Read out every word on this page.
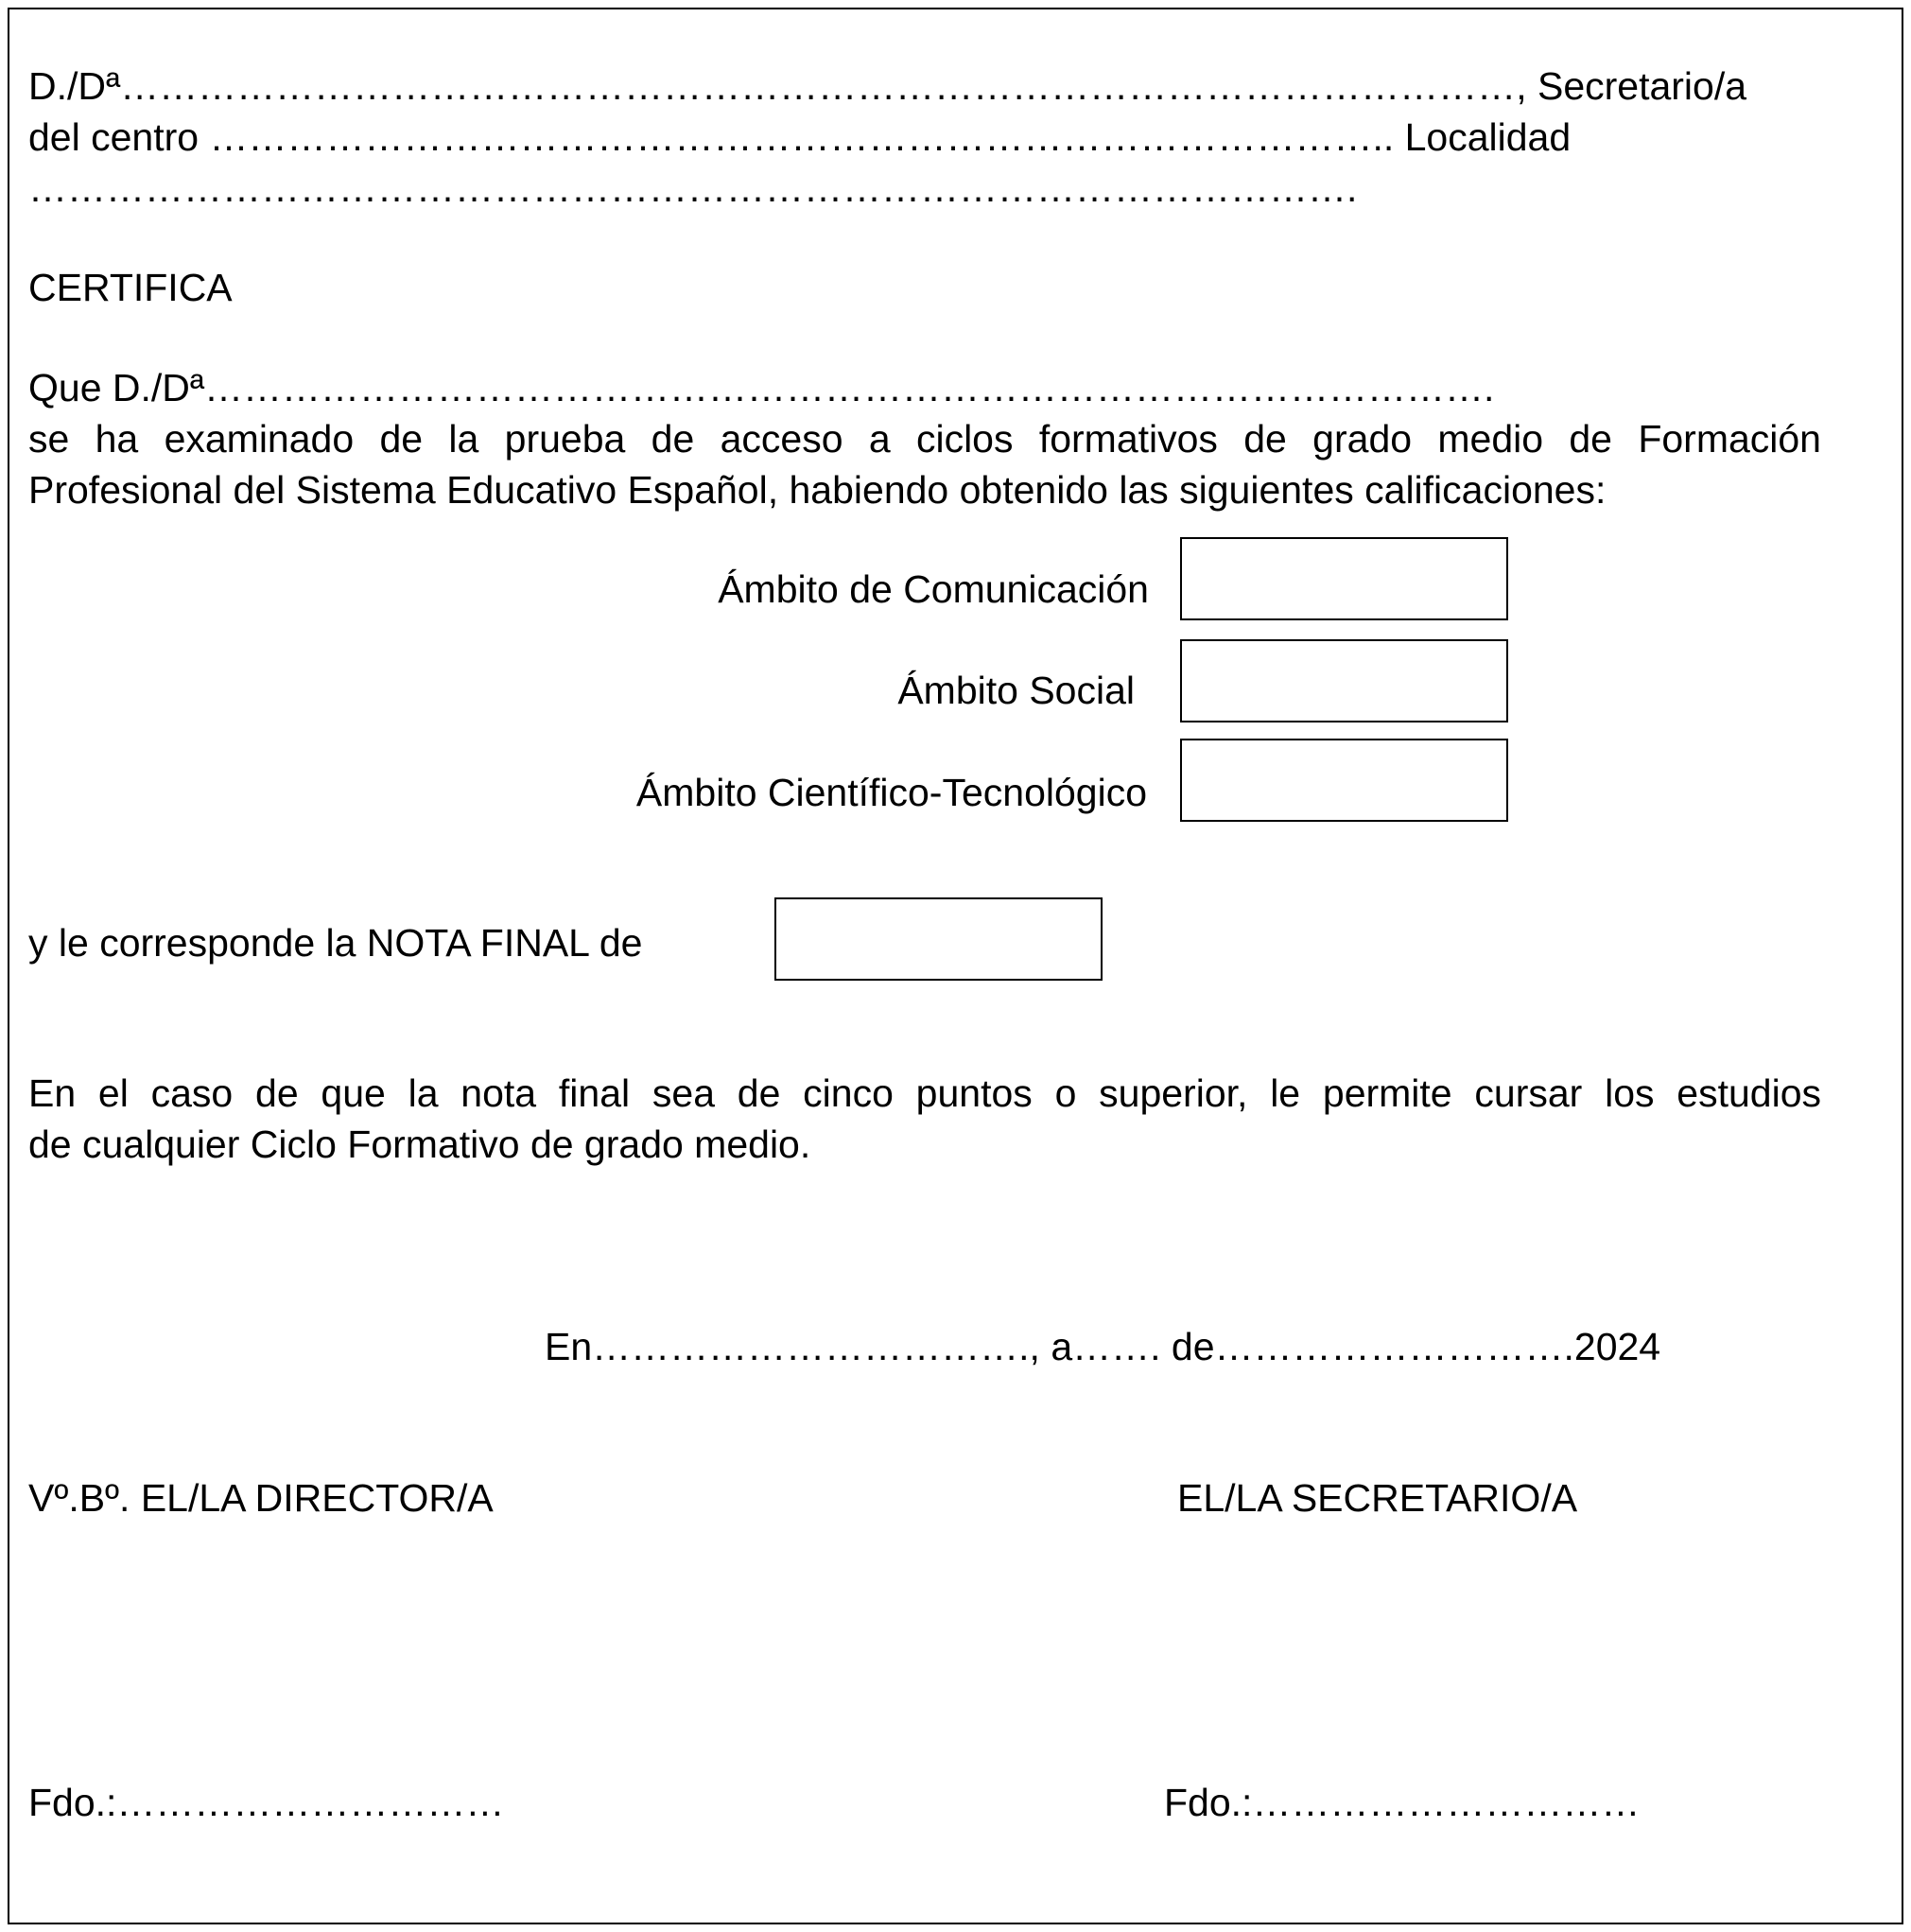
D./Dª………………………………………………………………………………………………, Secretario/a
del centro ……………………………………………………………………………….. Localidad
………………………………………………………………………………………….
CERTIFICA
Que D./Dª……………………………………………………………………………………….
se ha examinado de la prueba de acceso a ciclos formativos de grado medio de Formación
Profesional del Sistema Educativo Español, habiendo obtenido las siguientes calificaciones:
Ámbito de Comunicación
Ámbito Social
Ámbito Científico-Tecnológico
y le corresponde la NOTA FINAL de
En el caso de que la nota final sea de cinco puntos o superior, le permite cursar los estudios
de cualquier Ciclo Formativo de grado medio.
En……………………………., a……. de……………………….2024
Vº.Bº. EL/LA DIRECTOR/A	EL/LA SECRETARIO/A
Fdo.:…………………………	Fdo.:…………………………
